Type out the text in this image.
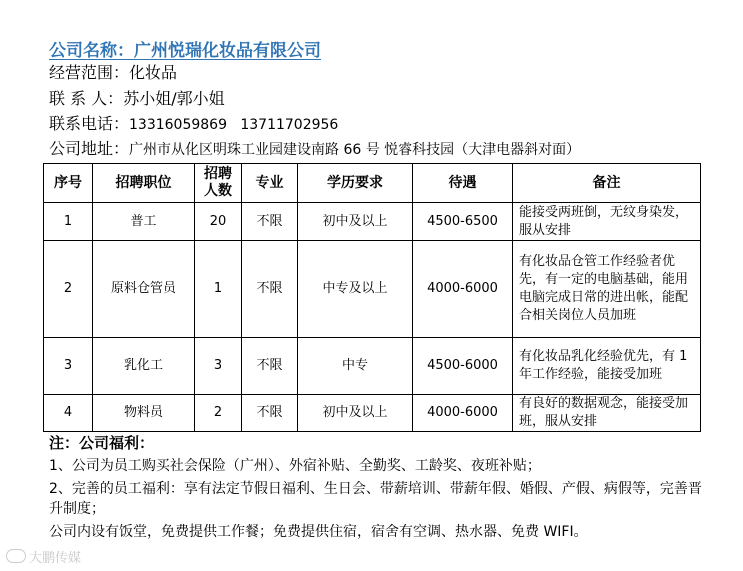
公司名称：广州悦瑞化妆品有限公司
经营范围：化妆品
联 系 人：苏小姐/郭小姐
联系电话：13316059869   13711702956
公司地址：广州市从化区明珠工业园建设南路 66 号 悦睿科技园（大津电器斜对面）
序号	招聘职位	招聘人数	专业	学历要求	待遇	备注
1	普工	20	不限	初中及以上	4500-6500	能接受两班倒，无纹身染发，服从安排
2	原料仓管员	1	不限	中专及以上	4000-6000	有化妆品仓管工作经验者优先，有一定的电脑基础，能用电脑完成日常的进出帐，能配合相关岗位人员加班
3	乳化工	3	不限	中专	4500-6000	有化妆品乳化经验优先，有 1 年工作经验，能接受加班
4	物料员	2	不限	初中及以上	4000-6000	有良好的数据观念，能接受加班，服从安排

注：公司福利：

1、公司为员工购买社会保险（广州）、外宿补贴、全勤奖、工龄奖、夜班补贴；

2、完善的员工福利：享有法定节假日福利、生日会、带薪培训、带薪年假、婚假、产假、病假等，完善晋升制度；

公司内设有饭堂，免费提供工作餐；免费提供住宿，宿舍有空调、热水器、免费 WIFI。

大鹏传媒
